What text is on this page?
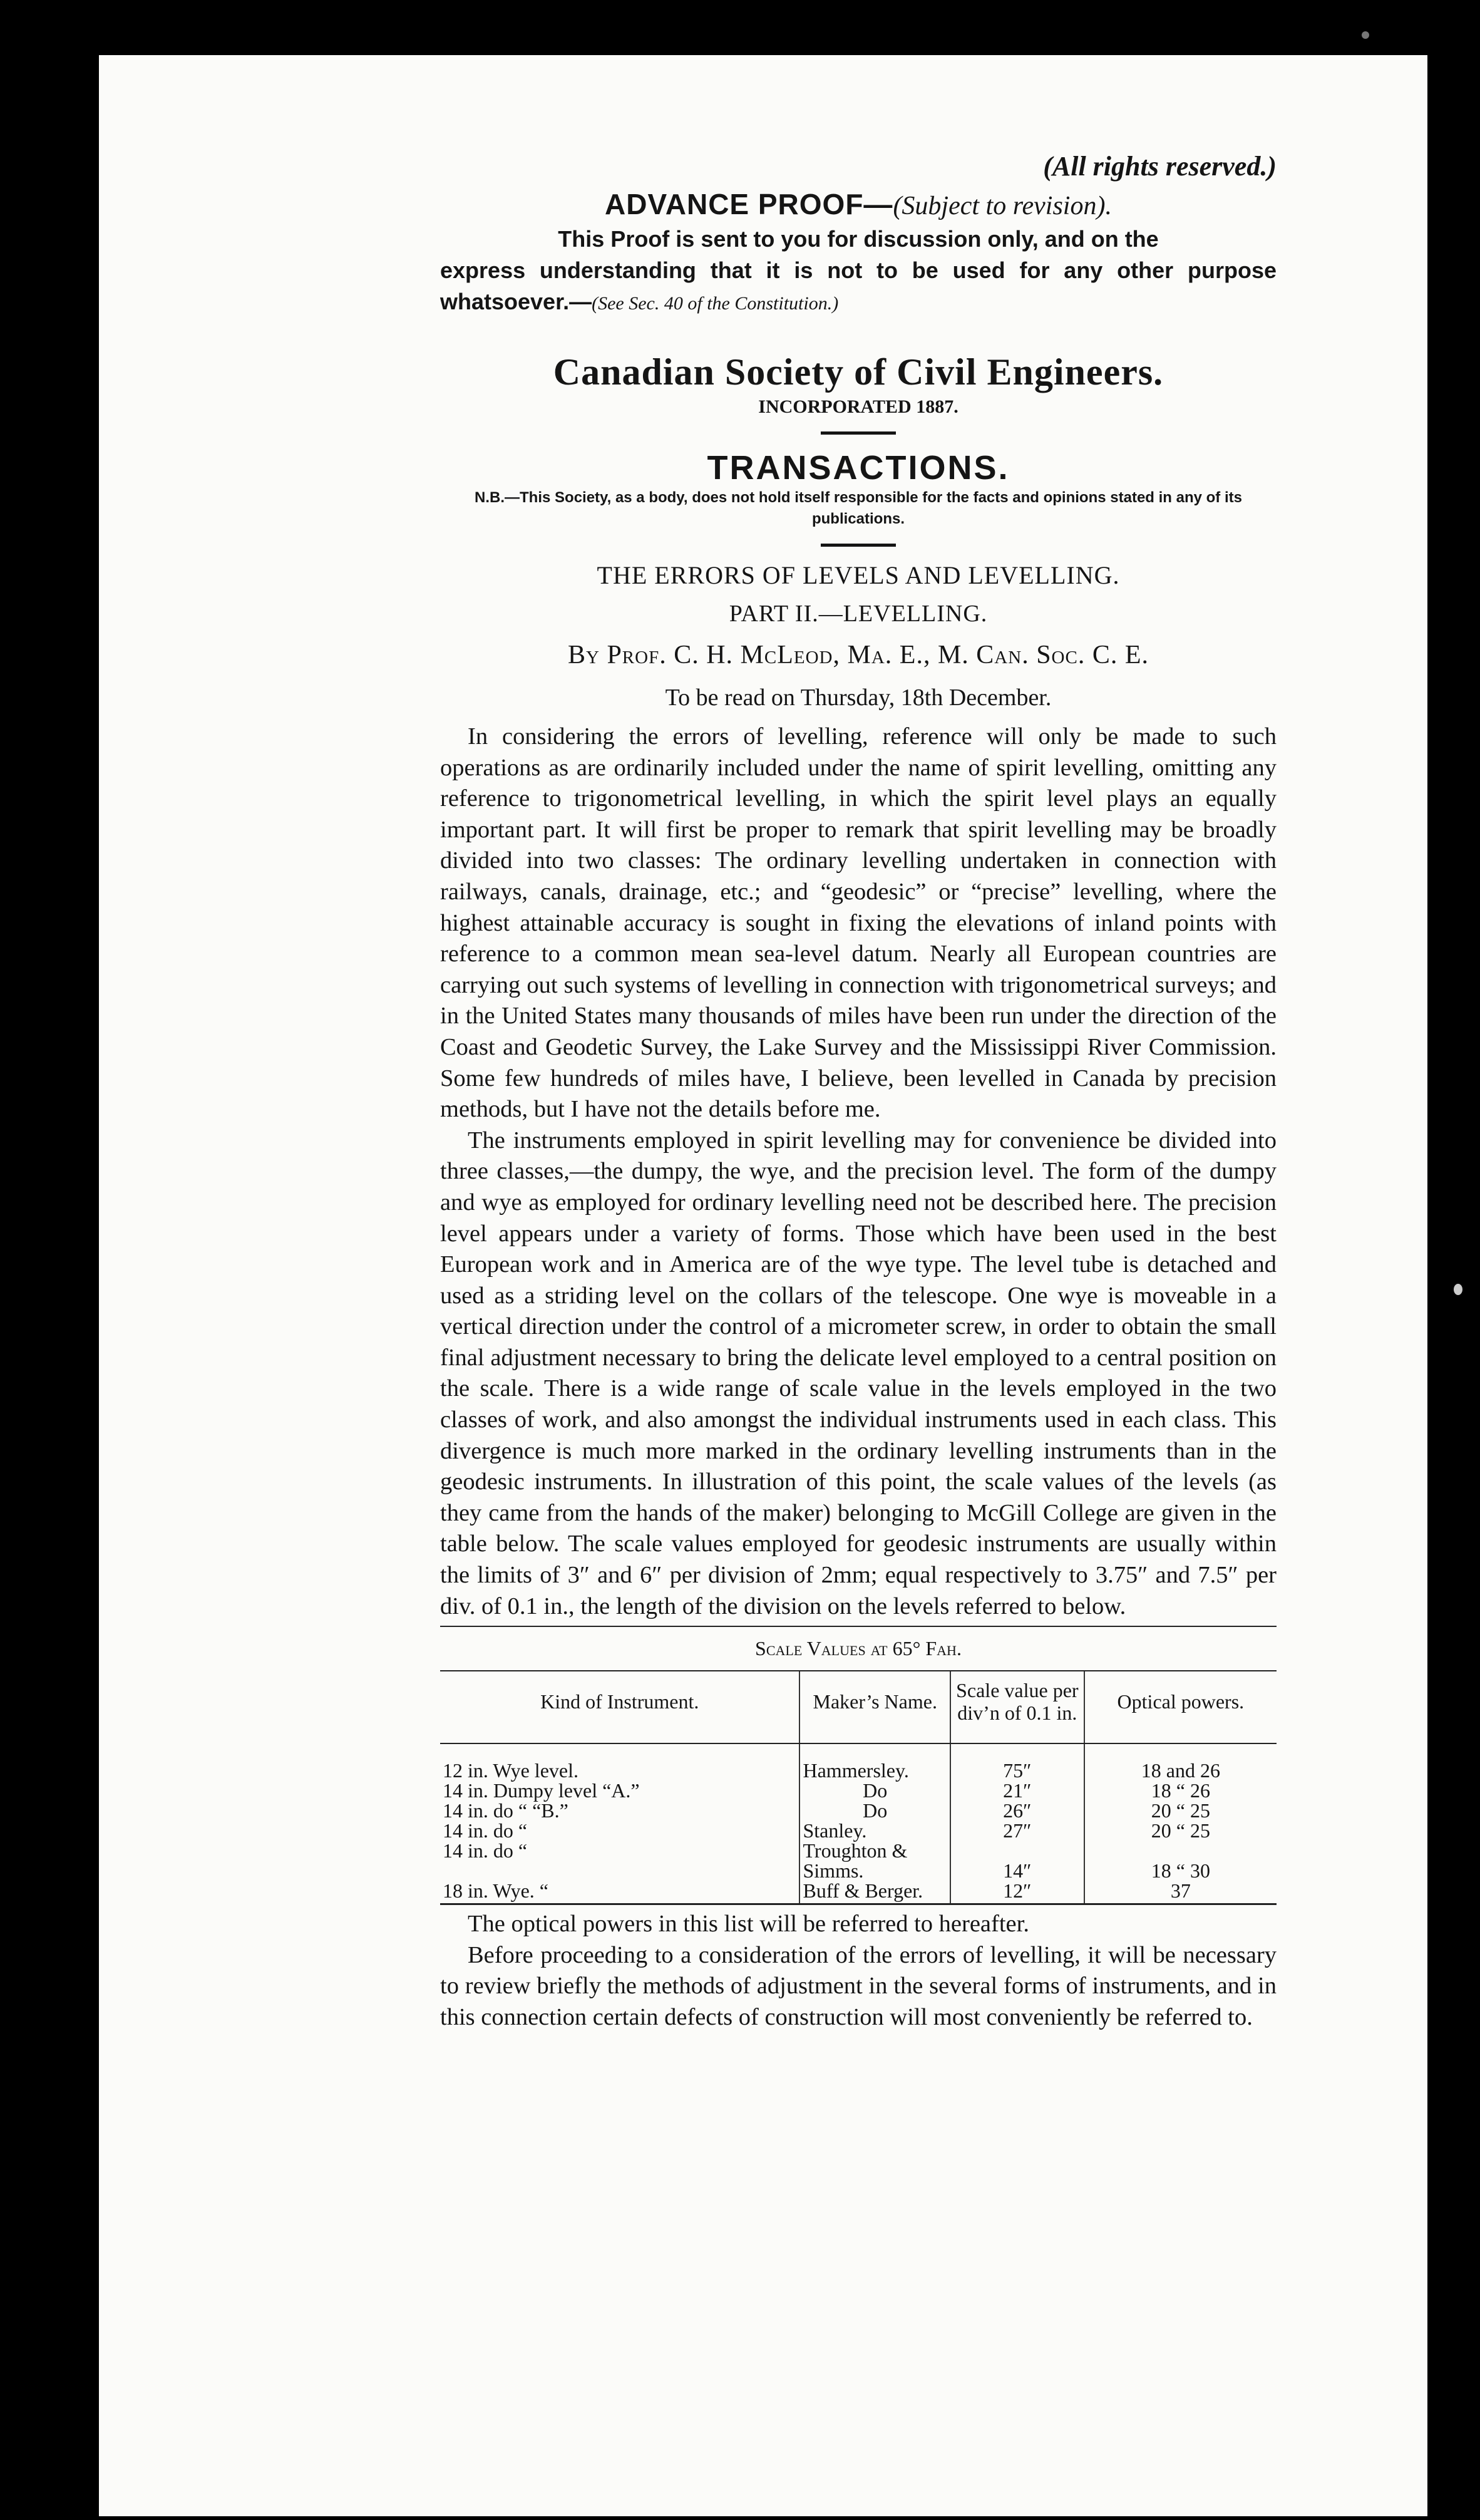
(All rights reserved.)
ADVANCE PROOF—(Subject to revision).
This Proof is sent to you for discussion only, and on the
express understanding that it is not to be used for any other purpose whatsoever.—(See Sec. 40 of the Constitution.)
Canadian Society of Civil Engineers.
INCORPORATED 1887.
TRANSACTIONS.
N.B.—This Society, as a body, does not hold itself responsible for the facts and opinions stated in any of its publications.
THE ERRORS OF LEVELS AND LEVELLING.
PART II.—LEVELLING.
By Prof. C. H. McLeod, Ma. E., M. Can. Soc. C. E.
To be read on Thursday, 18th December.

In considering the errors of levelling, reference will only be made to such operations as are ordinarily included under the name of spirit levelling, omitting any reference to trigonometrical levelling, in which the spirit level plays an equally important part. It will first be proper to remark that spirit levelling may be broadly divided into two classes: The ordinary levelling undertaken in connection with railways, canals, drainage, etc.; and “geodesic” or “precise” levelling, where the highest attainable accuracy is sought in fixing the elevations of inland points with reference to a common mean sea-level datum. Nearly all European countries are carrying out such systems of levelling in connection with trigonometrical surveys; and in the United States many thousands of miles have been run under the direction of the Coast and Geodetic Survey, the Lake Survey and the Mississippi River Commission. Some few hundreds of miles have, I believe, been levelled in Canada by precision methods, but I have not the details before me.

The instruments employed in spirit levelling may for convenience be divided into three classes,—the dumpy, the wye, and the precision level. The form of the dumpy and wye as employed for ordinary levelling need not be described here. The precision level appears under a variety of forms. Those which have been used in the best European work and in America are of the wye type. The level tube is detached and used as a striding level on the collars of the telescope. One wye is moveable in a vertical direction under the control of a micrometer screw, in order to obtain the small final adjustment necessary to bring the delicate level employed to a central position on the scale. There is a wide range of scale value in the levels employed in the two classes of work, and also amongst the individual instruments used in each class. This divergence is much more marked in the ordinary levelling instruments than in the geodesic instruments. In illustration of this point, the scale values of the levels (as they came from the hands of the maker) belonging to McGill College are given in the table below. The scale values employed for geodesic instruments are usually within the limits of 3″ and 6″ per division of 2mm; equal respectively to 3.75″ and 7.5″ per div. of 0.1 in., the length of the division on the levels referred to below.

Scale Values at 65° Fah.
Kind of Instrument.	Maker’s Name.	Scale value per div’n of 0.1 in.	Optical powers.
12 in. Wye level.	Hammersley.	75″	18 and 26
14 in. Dumpy level “A.”	Do	21″	18 “ 26
14 in. do “ “B.”	Do	26″	20 “ 25
14 in. do “	Stanley.	27″	20 “ 25
14 in. do “	Troughton & Simms.	14″	18 “ 30
18 in. Wye. “	Buff & Berger.	12″	37

The optical powers in this list will be referred to hereafter.

Before proceeding to a consideration of the errors of levelling, it will be necessary to review briefly the methods of adjustment in the several forms of instruments, and in this connection certain defects of construction will most conveniently be referred to.
